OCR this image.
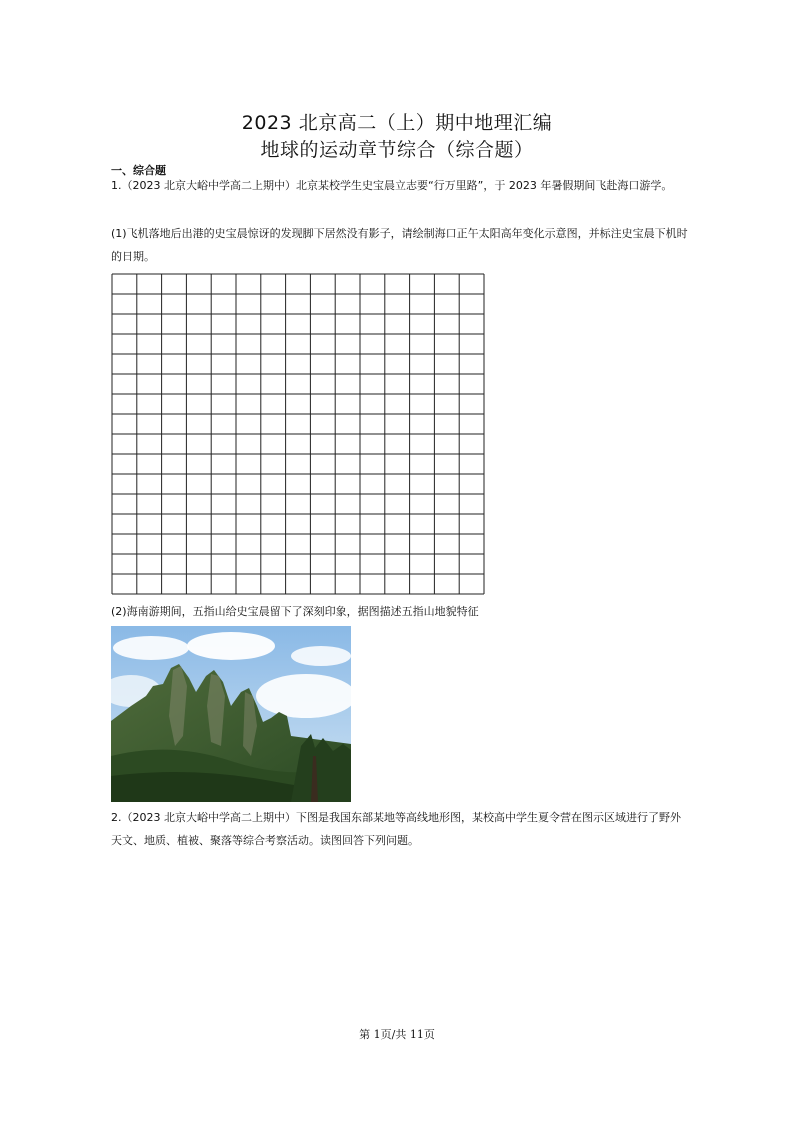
2023 北京高二（上）期中地理汇编
地球的运动章节综合（综合题）
一、综合题
1.（2023 北京大峪中学高二上期中）北京某校学生史宝晨立志要“行万里路”，于 2023 年暑假期间飞赴海口游学。
(1)飞机落地后出港的史宝晨惊讶的发现脚下居然没有影子，请绘制海口正午太阳高年变化示意图，并标注史宝晨下机时的日期。
(2)海南游期间，五指山给史宝晨留下了深刻印象，据图描述五指山地貌特征
2.（2023 北京大峪中学高二上期中）下图是我国东部某地等高线地形图，某校高中学生夏令营在图示区域进行了野外天文、地质、植被、聚落等综合考察活动。读图回答下列问题。
第 1页/共 11页
